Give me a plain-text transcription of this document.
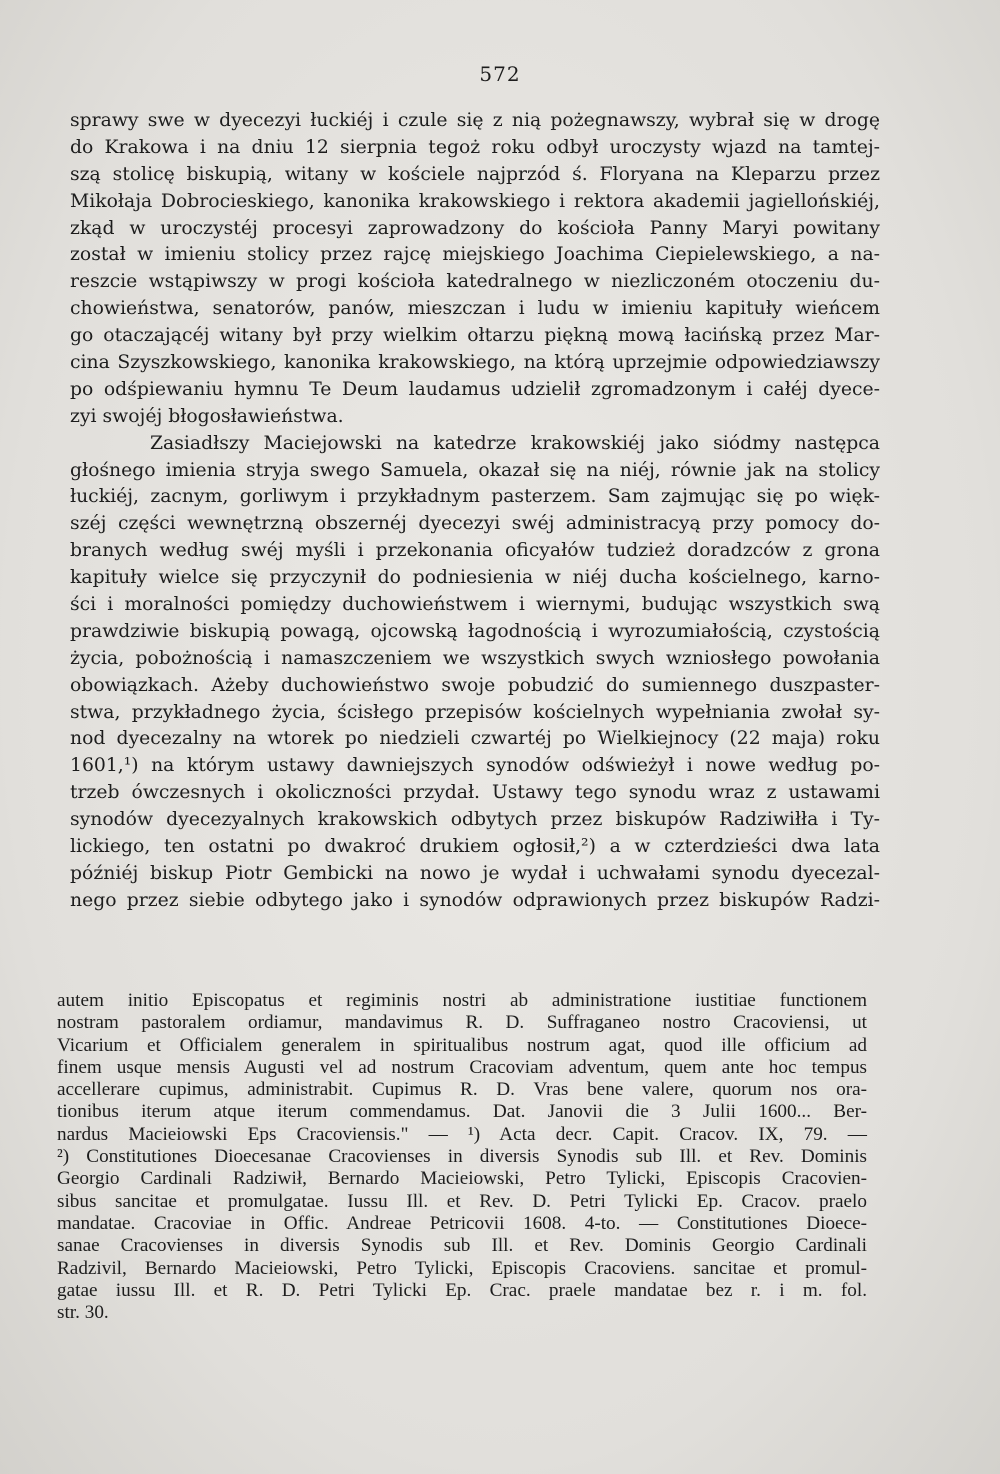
572
sprawy swe w dyecezyi łuckiéj i czule się z nią pożegnawszy, wybrał się w drogę
do Krakowa i na dniu 12 sierpnia tegoż roku odbył uroczysty wjazd na tamtej-
szą stolicę biskupią, witany w kościele najprzód ś. Floryana na Kleparzu przez
Mikołaja Dobrocieskiego, kanonika krakowskiego i rektora akademii jagiellońskiéj,
zkąd w uroczystéj procesyi zaprowadzony do kościoła Panny Maryi powitany
został w imieniu stolicy przez rajcę miejskiego Joachima Ciepielewskiego, a na-
reszcie wstąpiwszy w progi kościoła katedralnego w niezliczoném otoczeniu du-
chowieństwa, senatorów, panów, mieszczan i ludu w imieniu kapituły wieńcem
go otaczającéj witany był przy wielkim ołtarzu piękną mową łacińską przez Mar-
cina Szyszkowskiego, kanonika krakowskiego, na którą uprzejmie odpowiedziawszy
po odśpiewaniu hymnu Te Deum laudamus udzielił zgromadzonym i całéj dyece-
zyi swojéj błogosławieństwa.
Zasiadłszy Maciejowski na katedrze krakowskiéj jako siódmy następca
głośnego imienia stryja swego Samuela, okazał się na niéj, równie jak na stolicy
łuckiéj, zacnym, gorliwym i przykładnym pasterzem. Sam zajmując się po więk-
széj części wewnętrzną obszernéj dyecezyi swéj administracyą przy pomocy do-
branych według swéj myśli i przekonania oficyałów tudzież doradzców z grona
kapituły wielce się przyczynił do podniesienia w niéj ducha kościelnego, karno-
ści i moralności pomiędzy duchowieństwem i wiernymi, budując wszystkich swą
prawdziwie biskupią powagą, ojcowską łagodnością i wyrozumiałością, czystością
życia, pobożnością i namaszczeniem we wszystkich swych wzniosłego powołania
obowiązkach. Ażeby duchowieństwo swoje pobudzić do sumiennego duszpaster-
stwa, przykładnego życia, ścisłego przepisów kościelnych wypełniania zwołał sy-
nod dyecezalny na wtorek po niedzieli czwartéj po Wielkiejnocy (22 maja) roku
1601,¹) na którym ustawy dawniejszych synodów odświeżył i nowe według po-
trzeb ówczesnych i okoliczności przydał. Ustawy tego synodu wraz z ustawami
synodów dyecezyalnych krakowskich odbytych przez biskupów Radziwiłła i Ty-
lickiego, ten ostatni po dwakroć drukiem ogłosił,²) a w czterdzieści dwa lata
późniéj biskup Piotr Gembicki na nowo je wydał i uchwałami synodu dyecezal-
nego przez siebie odbytego jako i synodów odprawionych przez biskupów Radzi-
autem initio Episcopatus et regiminis nostri ab administratione iustitiae functionem
nostram pastoralem ordiamur, mandavimus R. D. Suffraganeo nostro Cracoviensi, ut
Vicarium et Officialem generalem in spiritualibus nostrum agat, quod ille officium ad
finem usque mensis Augusti vel ad nostrum Cracoviam adventum, quem ante hoc tempus
accellerare cupimus, administrabit. Cupimus R. D. Vras bene valere, quorum nos ora-
tionibus iterum atque iterum commendamus. Dat. Janovii die 3 Julii 1600... Ber-
nardus Macieiowski Eps Cracoviensis." — ¹) Acta decr. Capit. Cracov. IX, 79. —
²) Constitutiones Dioecesanae Cracovienses in diversis Synodis sub Ill. et Rev. Dominis
Georgio Cardinali Radziwił, Bernardo Macieiowski, Petro Tylicki, Episcopis Cracovien-
sibus sancitae et promulgatae. Iussu Ill. et Rev. D. Petri Tylicki Ep. Cracov. praelo
mandatae. Cracoviae in Offic. Andreae Petricovii 1608. 4-to. — Constitutiones Dioece-
sanae Cracovienses in diversis Synodis sub Ill. et Rev. Dominis Georgio Cardinali
Radzivil, Bernardo Macieiowski, Petro Tylicki, Episcopis Cracoviens. sancitae et promul-
gatae iussu Ill. et R. D. Petri Tylicki Ep. Crac. praele mandatae bez r. i m. fol.
str. 30.
